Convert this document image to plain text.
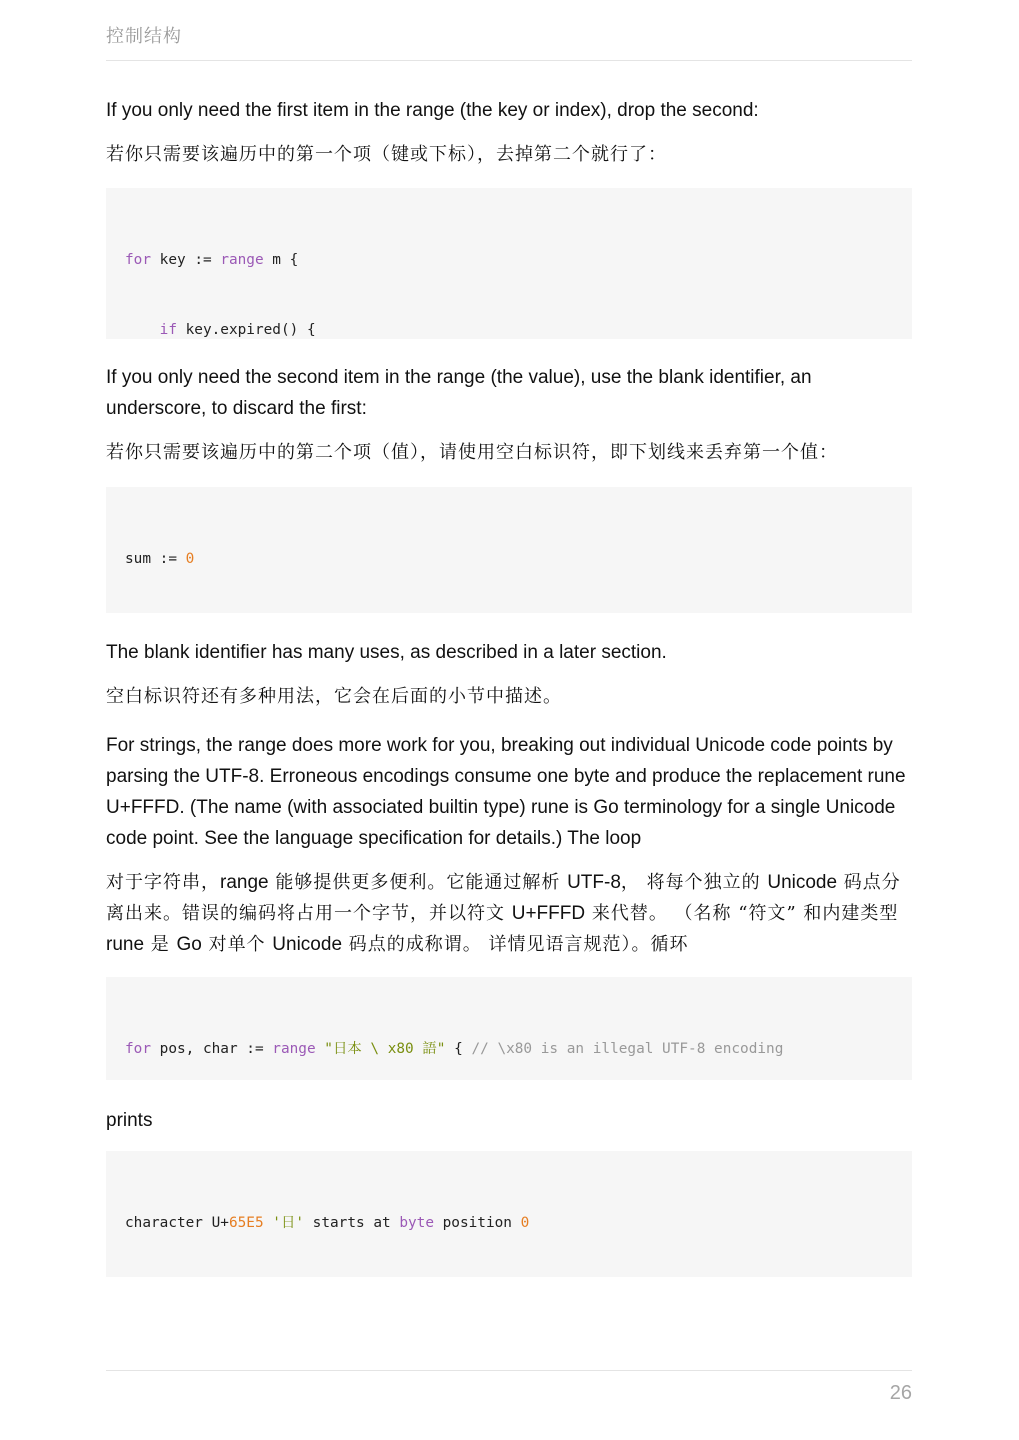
控制结构

If you only need the first item in the range (the key or index), drop the second:

若你只需要该遍历中的第一个项（键或下标），去掉第二个就行了：

for key := range m {

if key.expired() {

If you only need the second item in the range (the value), use the blank identifier, an underscore, to discard the first:

若你只需要该遍历中的第二个项（值），请使用空白标识符，即下划线来丢弃第一个值：

sum := 0

The blank identifier has many uses, as described in a later section.

空白标识符还有多种用法，它会在后面的小节中描述。

For strings, the range does more work for you, breaking out individual Unicode code points by parsing the UTF-8. Erroneous encodings consume one byte and produce the replacement rune U+FFFD. (The name (with associated builtin type) rune is Go terminology for a single Unicode code point. See the language specification for details.) The loop

对于字符串，range 能够提供更多便利。它能通过解析 UTF-8， 将每个独立的 Unicode 码点分离出来。错误的编码将占用一个字节，并以符文 U+FFFD 来代替。 （名称 “符文” 和内建类型 rune 是 Go 对单个 Unicode 码点的成称谓。 详情见语言规范）。循环

for pos, char := range "日本 \ x80 語" { // \x80 is an illegal UTF-8 encoding

prints

character U+65E5 '日' starts at byte position 0

26
